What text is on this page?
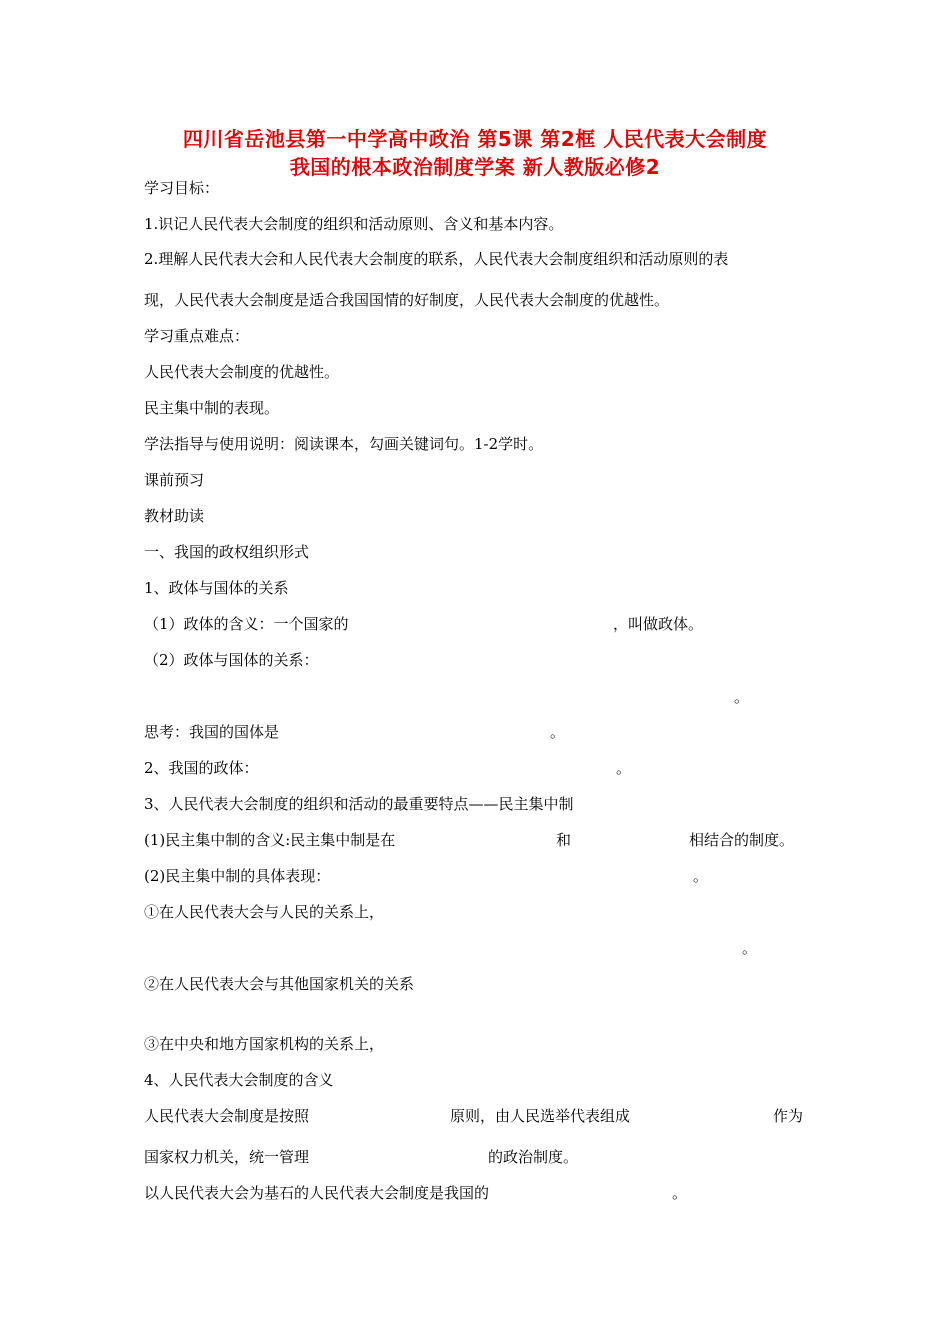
四川省岳池县第一中学高中政治 第5课 第2框 人民代表大会制度
我国的根本政治制度学案 新人教版必修2
学习目标：
1.识记人民代表大会制度的组织和活动原则、含义和基本内容。
2.理解人民代表大会和人民代表大会制度的联系，人民代表大会制度组织和活动原则的表
现，人民代表大会制度是适合我国国情的好制度，人民代表大会制度的优越性。
学习重点难点：
人民代表大会制度的优越性。
民主集中制的表现。
学法指导与使用说明：阅读课本，勾画关键词句。1-2学时。
课前预习
教材助读
一、我国的政权组织形式
1、政体与国体的关系
（1）政体的含义：一个国家的	，叫做政体。
（2）政体与国体的关系：
。
思考：我国的国体是	。
2、我国的政体：	。
3、人民代表大会制度的组织和活动的最重要特点——民主集中制
(1)民主集中制的含义:民主集中制是在	和	相结合的制度。
(2)民主集中制的具体表现：	。
①在人民代表大会与人民的关系上，
。
②在人民代表大会与其他国家机关的关系
③在中央和地方国家机构的关系上，
4、人民代表大会制度的含义
人民代表大会制度是按照	原则，由人民选举代表组成	作为
国家权力机关，统一管理	的政治制度。
以人民代表大会为基石的人民代表大会制度是我国的	。
